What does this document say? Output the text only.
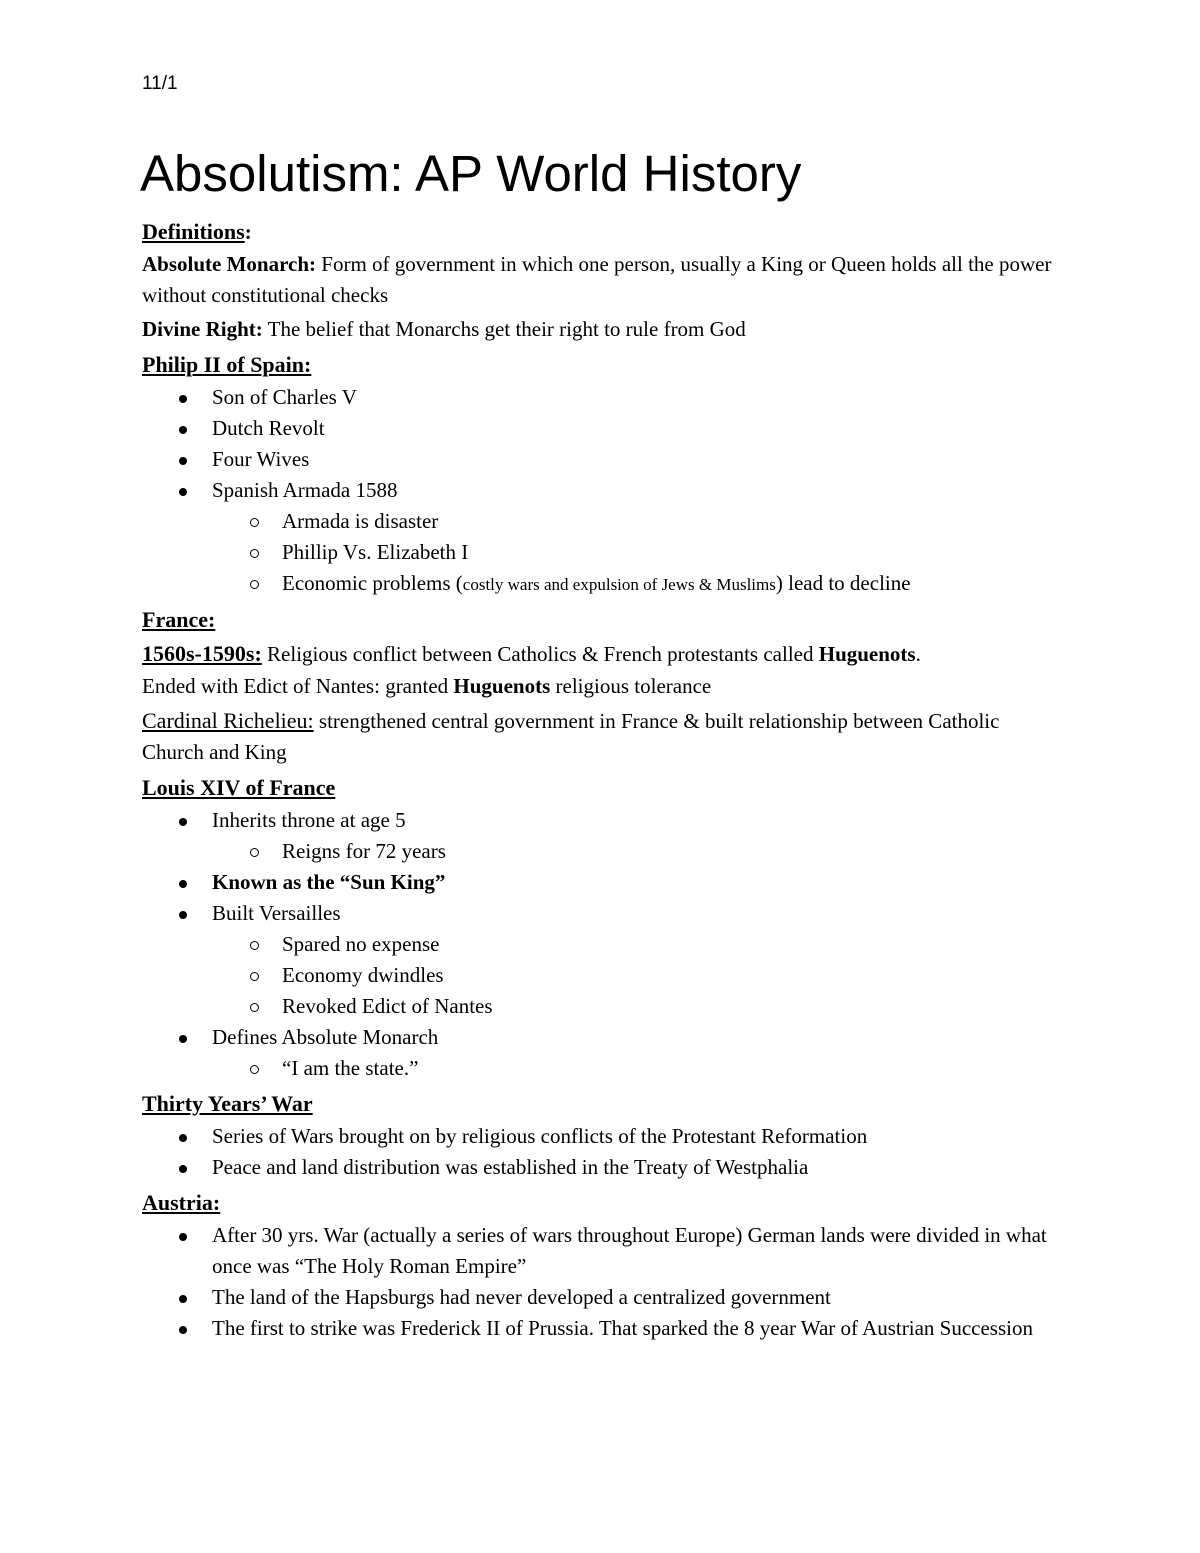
11/1
Absolutism: AP World History

Definitions:

Absolute Monarch: Form of government in which one person, usually a King or Queen holds all the power without constitutional checks

Divine Right: The belief that Monarchs get their right to rule from God

Philip II of Spain:

Son of Charles V
Dutch Revolt
Four Wives
Spanish Armada 1588
Armada is disaster
Phillip Vs. Elizabeth I
Economic problems (costly wars and expulsion of Jews & Muslims) lead to decline

France:

1560s-1590s: Religious conflict between Catholics & French protestants called Huguenots.

Ended with Edict of Nantes: granted Huguenots religious tolerance

Cardinal Richelieu: strengthened central government in France & built relationship between Catholic Church and King

Louis XIV of France

Inherits throne at age 5
Reigns for 72 years
Known as the “Sun King”
Built Versailles
Spared no expense
Economy dwindles
Revoked Edict of Nantes
Defines Absolute Monarch
“I am the state.”

Thirty Years’ War

Series of Wars brought on by religious conflicts of the Protestant Reformation
Peace and land distribution was established in the Treaty of Westphalia

Austria:

After 30 yrs. War (actually a series of wars throughout Europe) German lands were divided in what once was “The Holy Roman Empire”
The land of the Hapsburgs had never developed a centralized government
The first to strike was Frederick II of Prussia. That sparked the 8 year War of Austrian Succession
